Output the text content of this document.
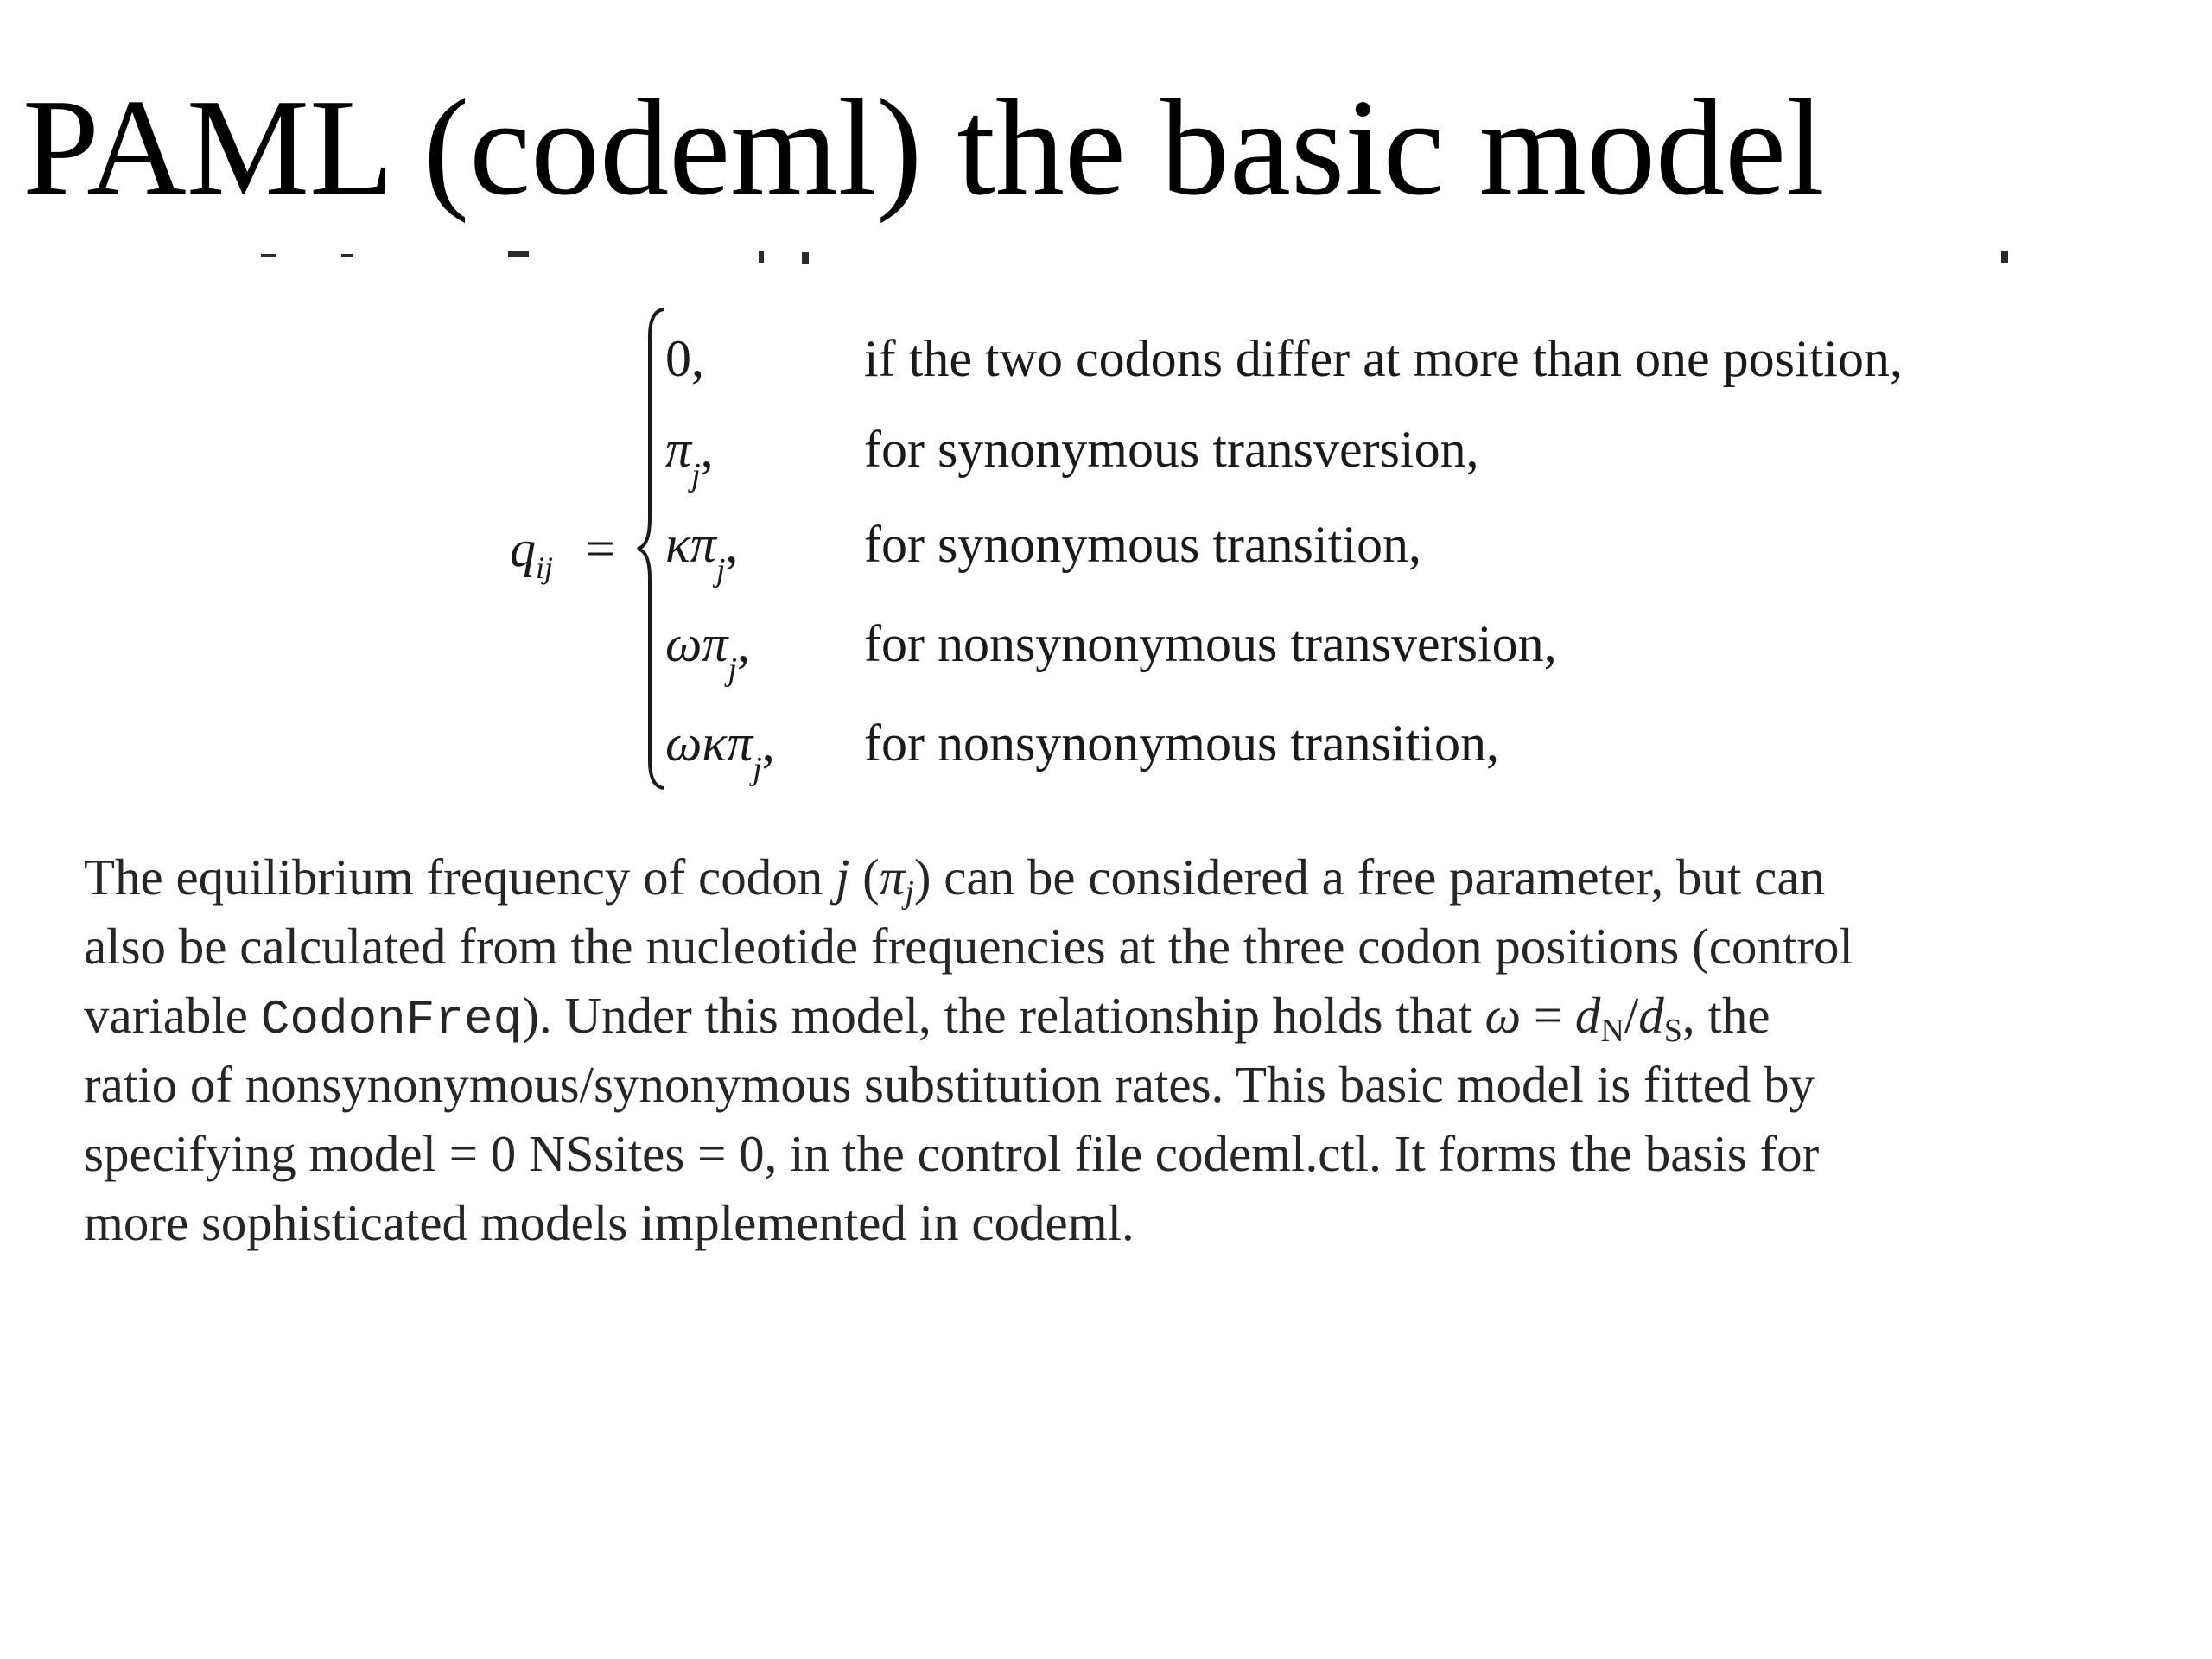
PAML (codeml) the basic model
$q_{ij}$ =
0,	if the two codons differ at more than one position,
$\pi_j$,	for synonymous transversion,
$\kappa\pi_j$, for synonymous transition,
$\omega\pi_j$, for nonsynonymous transversion,
ωκπ$_j$, for nonsynonymous transition,
The equilibrium frequency of codon j (πj) can be considered a free parameter, but can
also be calculated from the nucleotide frequencies at the three codon positions (control
variable CodonFreq). Under this model, the relationship holds that ω = dN/dS, the
ratio of nonsynonymous/synonymous substitution rates. This basic model is fitted by
specifying model = 0 NSsites = 0, in the control file codeml.ctl. It forms the basis for
more sophisticated models implemented in codeml.
